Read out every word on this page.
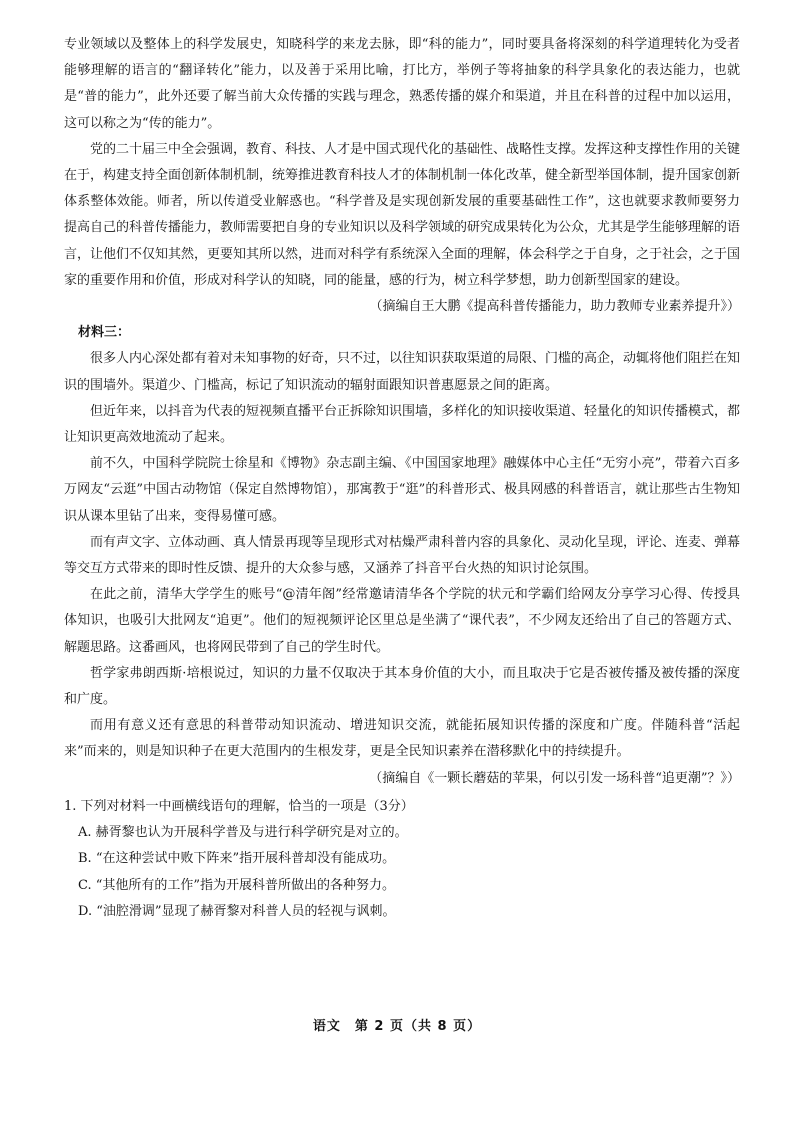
专业领域以及整体上的科学发展史，知晓科学的来龙去脉，即“科的能力”，同时要具备将深刻的科学道理转化为受者能够理解的语言的“翻译转化”能力，以及善于采用比喻，打比方，举例子等将抽象的科学具象化的表达能力，也就是“普的能力”，此外还要了解当前大众传播的实践与理念，熟悉传播的媒介和渠道，并且在科普的过程中加以运用，这可以称之为“传的能力”。

党的二十届三中全会强调，教育、科技、人才是中国式现代化的基础性、战略性支撑。发挥这种支撑性作用的关键在于，构建支持全面创新体制机制，统筹推进教育科技人才的体制机制一体化改革，健全新型举国体制，提升国家创新体系整体效能。师者，所以传道受业解惑也。“科学普及是实现创新发展的重要基础性工作”，这也就要求教师要努力提高自己的科普传播能力，教师需要把自身的专业知识以及科学领域的研究成果转化为公众，尤其是学生能够理解的语言，让他们不仅知其然，更要知其所以然，进而对科学有系统深入全面的理解，体会科学之于自身，之于社会，之于国家的重要作用和价值，形成对科学认的知晓，同的能量，感的行为，树立科学梦想，助力创新型国家的建设。

（摘编自王大鹏《提高科普传播能力，助力教师专业素养提升》）

材料三：

很多人内心深处都有着对未知事物的好奇，只不过，以往知识获取渠道的局限、门槛的高企，动辄将他们阻拦在知识的围墙外。渠道少、门槛高，标记了知识流动的辐射面跟知识普惠愿景之间的距离。

但近年来，以抖音为代表的短视频直播平台正拆除知识围墙，多样化的知识接收渠道、轻量化的知识传播模式，都让知识更高效地流动了起来。

前不久，中国科学院院士徐星和《博物》杂志副主编、《中国国家地理》融媒体中心主任“无穷小亮”，带着六百多万网友“云逛”中国古动物馆（保定自然博物馆），那寓教于“逛”的科普形式、极具网感的科普语言，就让那些古生物知识从课本里钻了出来，变得易懂可感。

而有声文字、立体动画、真人情景再现等呈现形式对枯燥严肃科普内容的具象化、灵动化呈现，评论、连麦、弹幕等交互方式带来的即时性反馈、提升的大众参与感，又涵养了抖音平台火热的知识讨论氛围。

在此之前，清华大学学生的账号“@清年阁”经常邀请清华各个学院的状元和学霸们给网友分享学习心得、传授具体知识，也吸引大批网友“追更”。他们的短视频评论区里总是坐满了“课代表”，不少网友还给出了自己的答题方式、解题思路。这番画风，也将网民带到了自己的学生时代。

哲学家弗朗西斯·培根说过，知识的力量不仅取决于其本身价值的大小，而且取决于它是否被传播及被传播的深度和广度。

而用有意义还有意思的科普带动知识流动、增进知识交流，就能拓展知识传播的深度和广度。伴随科普“活起来”而来的，则是知识种子在更大范围内的生根发芽，更是全民知识素养在潜移默化中的持续提升。

（摘编自《一颗长蘑菇的苹果，何以引发一场科普“追更潮”？》）

1. 下列对材料一中画横线语句的理解，恰当的一项是（3分）

A. 赫胥黎也认为开展科学普及与进行科学研究是对立的。

B. “在这种尝试中败下阵来”指开展科普却没有能成功。

C. “其他所有的工作”指为开展科普所做出的各种努力。

D. “油腔滑调”显现了赫胥黎对科普人员的轻视与讽刺。

语文　第 2 页（共 8 页）
